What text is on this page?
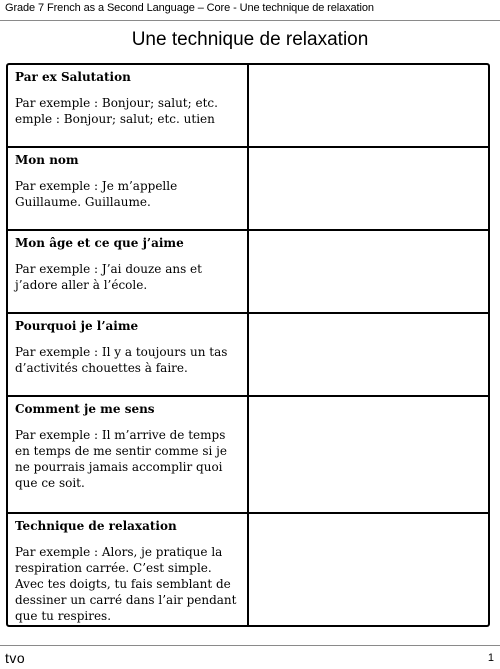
Grade 7 French as a Second Language – Core - Une technique de relaxation
Une technique de relaxation
Par ex Salutation
Par exemple : Bonjour; salut; etc. emple : Bonjour; salut; etc. utien
Mon nom
Par exemple : Je m’appelle Guillaume. Guillaume.
Mon âge et ce que j’aime
Par exemple : J’ai douze ans et j’adore aller à l’école.
Pourquoi je l’aime
Par exemple : Il y a toujours un tas d’activités chouettes à faire.
Comment je me sens
Par exemple : Il m’arrive de temps en temps de me sentir comme si je ne pourrais jamais accomplir quoi que ce soit.
Technique de relaxation
Par exemple : Alors, je pratique la respiration carrée. C’est simple. Avec tes doigts, tu fais semblant de dessiner un carré dans l’air pendant que tu respires.
tvo	1
